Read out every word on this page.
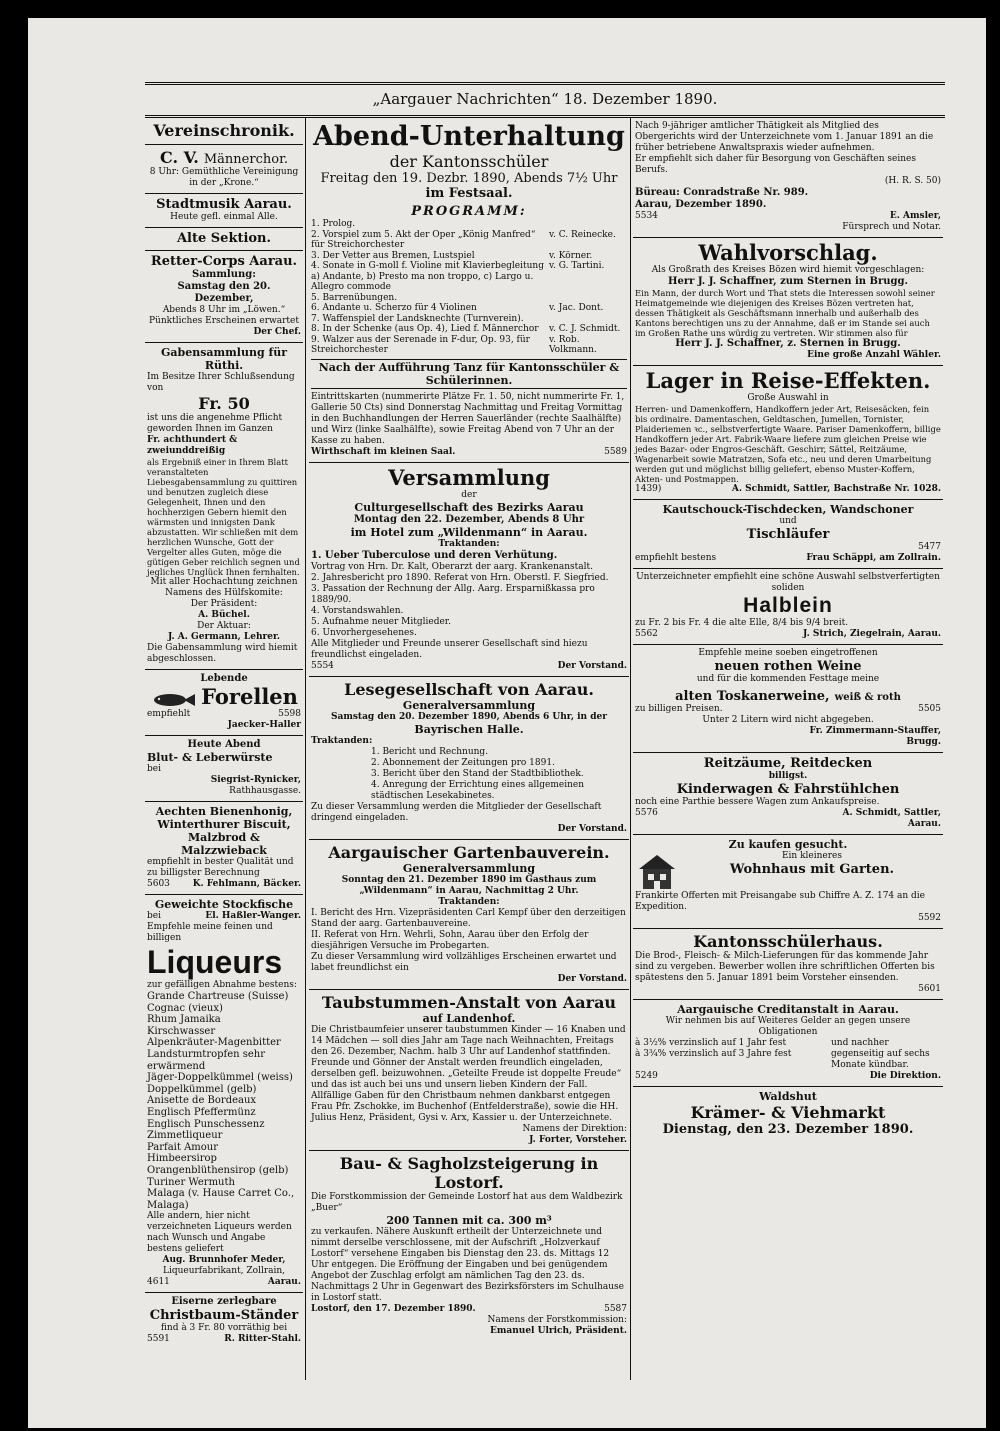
„Aargauer Nachrichten“ 18. Dezember 1890.
Vereinschronik.
C. V. Männerchor.
8 Uhr: Gemüthliche Vereinigung in der „Krone.“
Stadtmusik Aarau.
Heute gefl. einmal Alle.
Alte Sektion.
Retter-Corps Aarau.
Sammlung:
Samstag den 20. Dezember,
Abends 8 Uhr im „Löwen.“
Pünktliches Erscheinen erwartet
Der Chef.
Gabensammlung für Rüthi.
Im Besitze Ihrer Schlußsendung von
Fr. 50
ist uns die angenehme Pflicht geworden Ihnen im Ganzen
Fr. achthundert & zweiunddreißig
als Ergebniß einer in Ihrem Blatt veranstalteten Liebesgabensammlung zu quittiren und benutzen zugleich diese Gelegenheit, Ihnen und den hochherzigen Gebern hiemit den wärmsten und innigsten Dank abzustatten. Wir schließen mit dem herzlichen Wunsche, Gott der Vergelter alles Guten, möge die gütigen Geber reichlich segnen und jegliches Unglück Ihnen fernhalten.
Mit aller Hochachtung zeichnen Namens des Hülfskomite:
Der Präsident:
A. Büchel.
Der Aktuar:
J. A. Germann, Lehrer.
Die Gabensammlung wird hiemit abgeschlossen.
Lebende
Forellen
empfiehlt	5598
Jaecker-Haller
Heute Abend
Blut- & Leberwürste
bei
Siegrist-Rynicker,
Rathhausgasse.
Aechten Bienenhonig,
Winterthurer Biscuit,
Malzbrod & Malzzwieback
empfiehlt in bester Qualität und zu billigster Berechnung
5603	K. Fehlmann, Bäcker.
Geweichte Stockfische
bei	El. Haßler-Wanger.
Empfehle meine feinen und billigen
Liqueurs
zur gefälligen Abnahme bestens:
Grande Chartreuse (Suisse)
Cognac (vieux)
Rhum Jamaika
Kirschwasser
Alpenkräuter-Magenbitter
Landsturmtropfen sehr erwärmend
Jäger-Doppelkümmel (weiss)
Doppelkümmel (gelb)
Anisette de Bordeaux
Englisch Pfeffermünz
Englisch Punschessenz
Zimmetliqueur
Parfait Amour
Himbeersirop
Orangenblüthensirop (gelb)
Turiner Wermuth
Malaga (v. Hause Carret Co., Malaga)
Alle andern, hier nicht verzeichneten Liqueurs werden nach Wunsch und Angabe bestens geliefert
Aug. Brunnhofer Meder,
Liqueurfabrikant, Zollrain,
4611	Aarau.
Eiserne zerlegbare
Christbaum-Ständer
find à 3 Fr. 80 vorräthig bei
5591	R. Ritter-Stahl.
Abend-Unterhaltung
der Kantonsschüler
Freitag den 19. Dezbr. 1890, Abends 7½ Uhr
im Festsaal.
PROGRAMM:
1. Prolog.
2. Vorspiel zum 5. Akt der Oper „König Manfred“ für Streichorchester
v. C. Reinecke.
3. Der Vetter aus Bremen, Lustspiel	v. Körner.
4. Sonate in G-moll f. Violine mit Klavierbegleitung a) Andante, b) Presto ma non troppo, c) Largo u. Allegro commode
v. G. Tartini.
5. Barrenübungen.
6. Andante u. Scherzo für 4 Violinen	v. Jac. Dont.
7. Waffenspiel der Landsknechte (Turnverein).
8. In der Schenke (aus Op. 4), Lied f. Männerchor	v. C. J. Schmidt.
9. Walzer aus der Serenade in F-dur, Op. 93, für Streichorchester
v. Rob. Volkmann.
Nach der Aufführung Tanz für Kantonsschüler & Schülerinnen.
Eintrittskarten (nummerirte Plätze Fr. 1. 50, nicht nummerirte Fr. 1, Gallerie 50 Cts) sind Donnerstag Nachmittag und Freitag Vormittag in den Buchhandlungen der Herren Sauerländer (rechte Saalhälfte) und Wirz (linke Saalhälfte), sowie Freitag Abend von 7 Uhr an der Kasse zu haben.
Wirthschaft im kleinen Saal.	5589
Versammlung
der
Culturgesellschaft des Bezirks Aarau
Montag den 22. Dezember, Abends 8 Uhr
im Hotel zum „Wildenmann“ in Aarau.
Traktanden:
1. Ueber Tuberculose und deren Verhütung.
Vortrag von Hrn. Dr. Kalt, Oberarzt der aarg. Krankenanstalt.
2. Jahresbericht pro 1890. Referat von Hrn. Oberstl. F. Siegfried.
3. Passation der Rechnung der Allg. Aarg. Ersparnißkassa pro 1889/90.
4. Vorstandswahlen.
5. Aufnahme neuer Mitglieder.
6. Unvorhergesehenes.
Alle Mitglieder und Freunde unserer Gesellschaft sind hiezu freundlichst eingeladen.
5554	Der Vorstand.
Lesegesellschaft von Aarau.
Generalversammlung
Samstag den 20. Dezember 1890, Abends 6 Uhr, in der
Bayrischen Halle.
Traktanden:
1. Bericht und Rechnung.
2. Abonnement der Zeitungen pro 1891.
3. Bericht über den Stand der Stadtbibliothek.
4. Anregung der Errichtung eines allgemeinen städtischen Lesekabinetes.
Zu dieser Versammlung werden die Mitglieder der Gesellschaft dringend eingeladen.
Der Vorstand.
Aargauischer Gartenbauverein.
Generalversammlung
Sonntag den 21. Dezember 1890 im Gasthaus zum „Wildenmann“ in Aarau, Nachmittag 2 Uhr.
Traktanden:
I. Bericht des Hrn. Vizepräsidenten Carl Kempf über den derzeitigen Stand der aarg. Gartenbauvereine.
II. Referat von Hrn. Wehrli, Sohn, Aarau über den Erfolg der diesjährigen Versuche im Probegarten.
Zu dieser Versammlung wird vollzähliges Erscheinen erwartet und labet freundlichst ein
Der Vorstand.
Taubstummen-Anstalt von Aarau
auf Landenhof.
Die Christbaumfeier unserer taubstummen Kinder — 16 Knaben und 14 Mädchen — soll dies Jahr am Tage nach Weihnachten, Freitags den 26. Dezember, Nachm. halb 3 Uhr auf Landenhof stattfinden. Freunde und Gönner der Anstalt werden freundlich eingeladen, derselben gefl. beizuwohnen. „Geteilte Freude ist doppelte Freude“ und das ist auch bei uns und unsern lieben Kindern der Fall. Allfällige Gaben für den Christbaum nehmen dankbarst entgegen Frau Pfr. Zschokke, im Buchenhof (Entfelderstraße), sowie die HH. Julius Henz, Präsident, Gysi v. Arx, Kassier u. der Unterzeichnete.
Namens der Direktion:
J. Forter, Vorsteher.
Bau- & Sagholzsteigerung in Lostorf.
Die Forstkommission der Gemeinde Lostorf hat aus dem Waldbezirk „Buer“
200 Tannen mit ca. 300 m³
zu verkaufen. Nähere Auskunft ertheilt der Unterzeichnete und nimmt derselbe verschlossene, mit der Aufschrift „Holzverkauf Lostorf“ versehene Eingaben bis Dienstag den 23. ds. Mittags 12 Uhr entgegen. Die Eröffnung der Eingaben und bei genügendem Angebot der Zuschlag erfolgt am nämlichen Tag den 23. ds. Nachmittags 2 Uhr in Gegenwart des Bezirksförsters im Schulhause in Lostorf statt.
Lostorf, den 17. Dezember 1890.	5587
Namens der Forstkommission:
Emanuel Ulrich, Präsident.
Nach 9-jähriger amtlicher Thätigkeit als Mitglied des Obergerichts wird der Unterzeichnete vom 1. Januar 1891 an die früher betriebene Anwaltspraxis wieder aufnehmen.
Er empfiehlt sich daher für Besorgung von Geschäften seines Berufs.
(H. R. S. 50)
Büreau: Conradstraße Nr. 989.
Aarau, Dezember 1890.
5534	E. Amsler,
Fürsprech und Notar.
Wahlvorschlag.
Als Großrath des Kreises Bözen wird hiemit vorgeschlagen:
Herr J. J. Schaffner, zum Sternen in Brugg.
Ein Mann, der durch Wort und That stets die Interessen sowohl seiner Heimatgemeinde wie diejenigen des Kreises Bözen vertreten hat, dessen Thätigkeit als Geschäftsmann innerhalb und außerhalb des Kantons berechtigen uns zu der Annahme, daß er im Stande sei auch im Großen Rathe uns würdig zu vertreten. Wir stimmen also für
Herr J. J. Schaffner, z. Sternen in Brugg.
Eine große Anzahl Wähler.
Lager in Reise-Effekten.
Große Auswahl in
Herren- und Damenkoffern, Handkoffern jeder Art, Reisesäcken, fein bis ordinaire. Damentaschen, Geldtaschen, Jumellen, Tornister, Plaideriemen ꝛc., selbstverfertigte Waare. Pariser Damenkoffern, billige Handkoffern jeder Art. Fabrik-Waare liefere zum gleichen Preise wie jedes Bazar- oder Engros-Geschäft. Geschirr, Sättel, Reitzäume, Wagenarbeit sowie Matratzen, Sofa etc., neu und deren Umarbeitung werden gut und möglichst billig geliefert, ebenso Muster-Koffern, Akten- und Postmappen.
1439)	A. Schmidt, Sattler, Bachstraße Nr. 1028.
Kautschouck-Tischdecken, Wandschoner
und
Tischläufer
5477
empfiehlt bestens	Frau Schäppi, am Zollrain.
Unterzeichneter empfiehlt eine schöne Auswahl selbstverfertigten soliden
Halblein
zu Fr. 2 bis Fr. 4 die alte Elle, 8/4 bis 9/4 breit.
5562	J. Strich, Ziegelrain, Aarau.
Empfehle meine soeben eingetroffenen
neuen rothen Weine
und für die kommenden Festtage meine
alten Toskanerweine, weiß & roth
zu billigen Preisen.	5505
Unter 2 Litern wird nicht abgegeben.
Fr. Zimmermann-Stauffer,
Brugg.
Reitzäume, Reitdecken
billigst.
Kinderwagen & Fahrstühlchen
noch eine Parthie bessere Wagen zum Ankaufspreise.
5576	A. Schmidt, Sattler,
Aarau.
Zu kaufen gesucht.
Ein kleineres
Wohnhaus mit Garten.
Frankirte Offerten mit Preisangabe sub Chiffre A. Z. 174 an die Expedition.
5592
Kantonsschülerhaus.
Die Brod-, Fleisch- & Milch-Lieferungen für das kommende Jahr sind zu vergeben. Bewerber wollen ihre schriftlichen Offerten bis spätestens den 5. Januar 1891 beim Vorsteher einsenden.
5601
Aargauische Creditanstalt in Aarau.
Wir nehmen bis auf Weiteres Gelder an gegen unsere Obligationen
à 3½% verzinslich auf 1 Jahr fest
à 3¾% verzinslich auf 3 Jahre fest
und nachher gegenseitig auf sechs Monate kündbar.
5249	Die Direktion.
Waldshut
Krämer- & Viehmarkt
Dienstag, den 23. Dezember 1890.
